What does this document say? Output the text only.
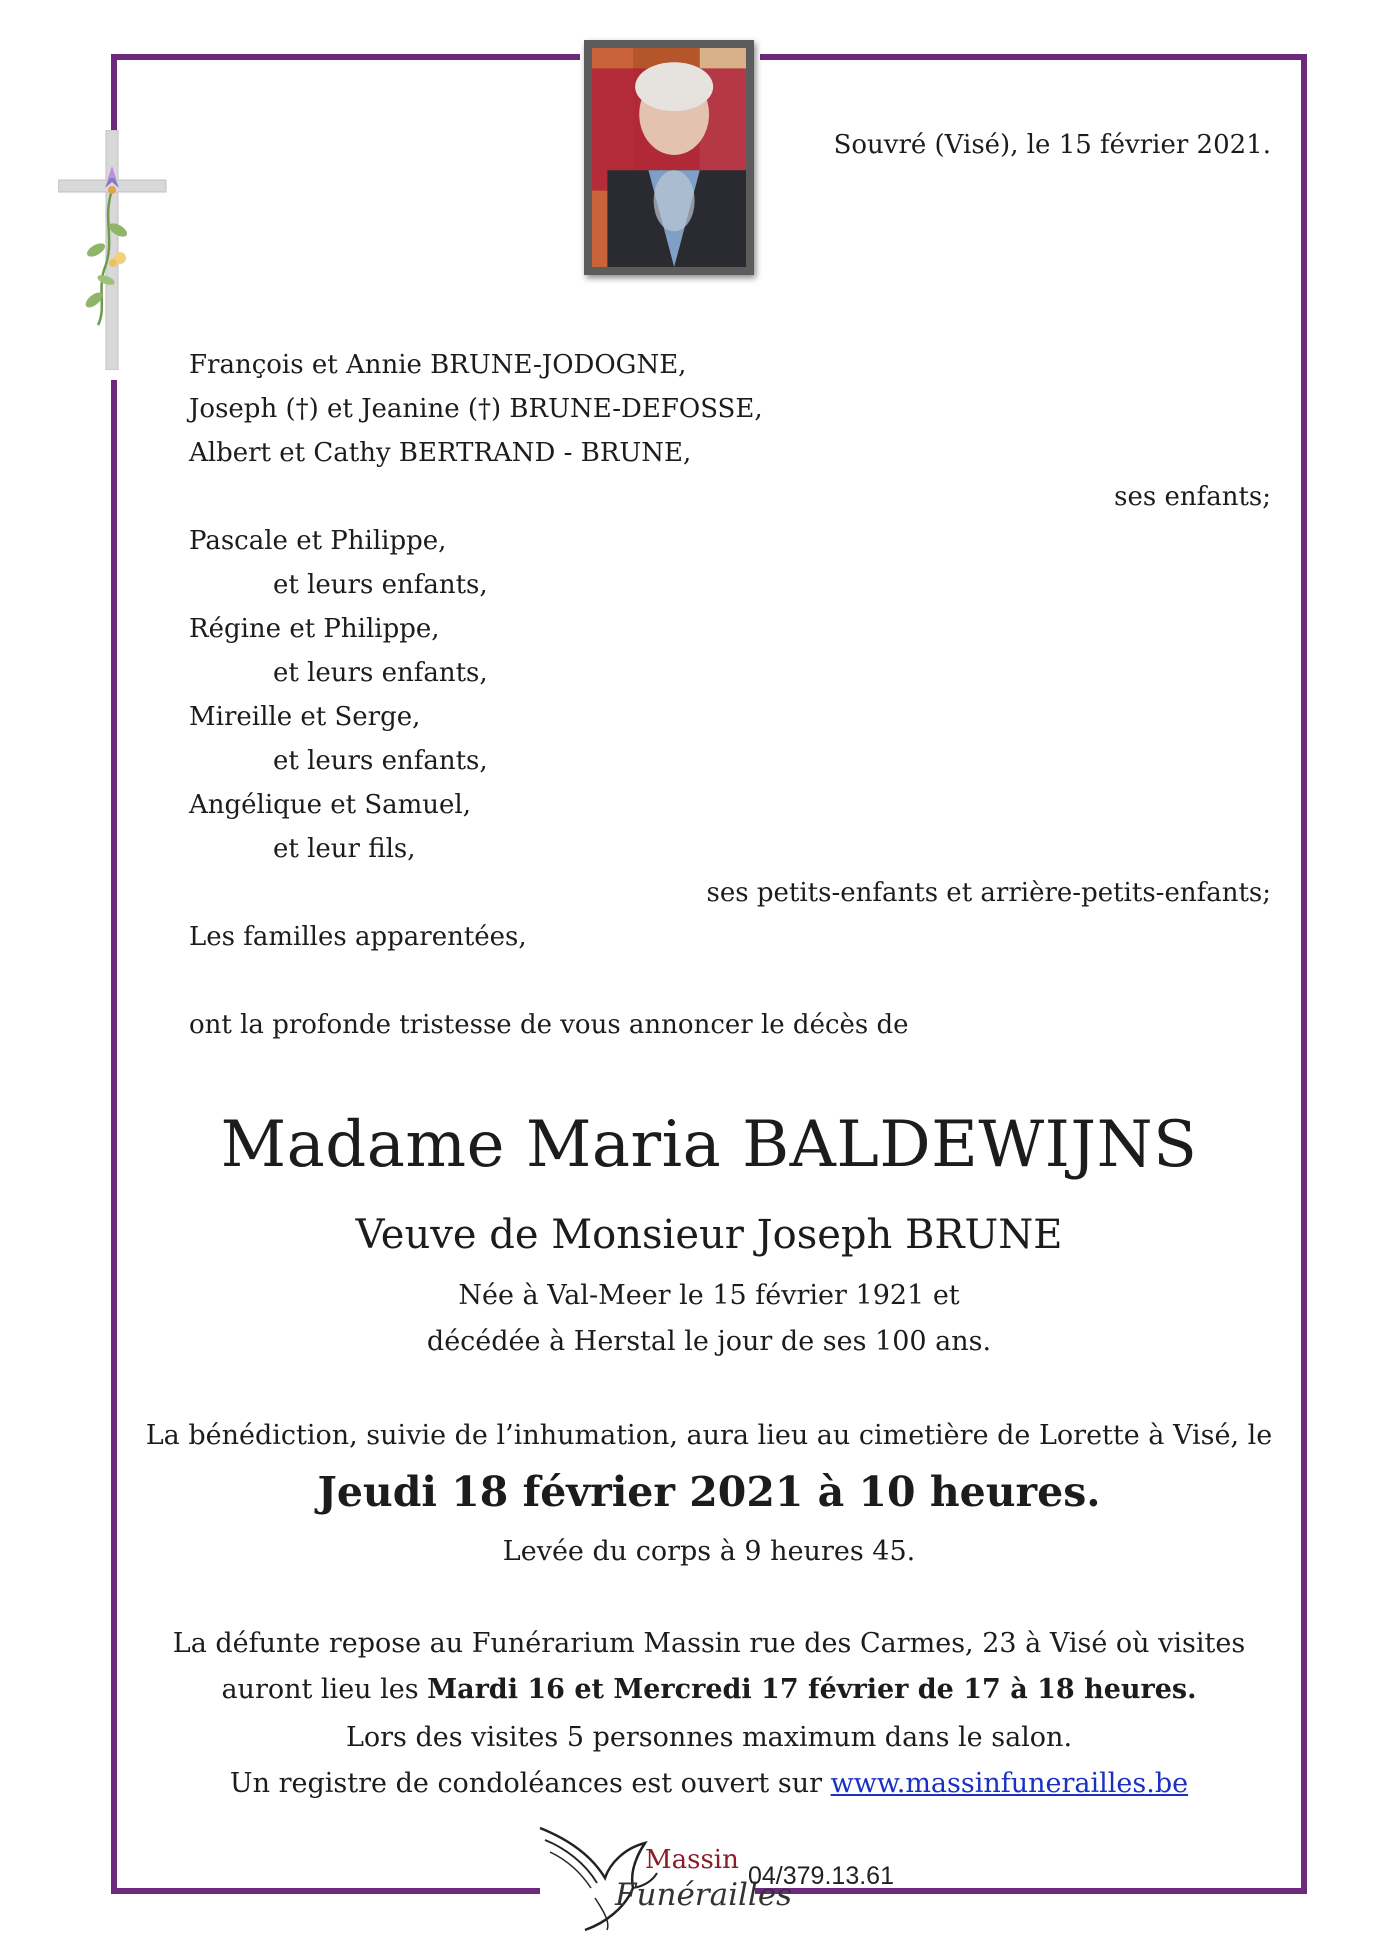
Souvré (Visé), le 15 février 2021.
François et Annie BRUNE-JODOGNE,
Joseph (†) et Jeanine (†) BRUNE-DEFOSSE,
Albert et Cathy BERTRAND - BRUNE,
ses enfants;
Pascale et Philippe,
et leurs enfants,
Régine et Philippe,
et leurs enfants,
Mireille et Serge,
et leurs enfants,
Angélique et Samuel,
et leur fils,
ses petits-enfants et arrière-petits-enfants;
Les familles apparentées,
ont la profonde tristesse de vous annoncer le décès de
Madame Maria BALDEWIJNS
Veuve de Monsieur Joseph BRUNE
Née à Val-Meer le 15 février 1921 et
décédée à Herstal le jour de ses 100 ans.
La bénédiction, suivie de l’inhumation, aura lieu au cimetière de Lorette à Visé, le
Jeudi 18 février 2021 à 10 heures.
Levée du corps à 9 heures 45.
La défunte repose au Funérarium Massin rue des Carmes, 23 à Visé où visites
auront lieu les Mardi 16 et Mercredi 17 février de 17 à 18 heures.
Lors des visites 5 personnes maximum dans le salon.
Un registre de condoléances est ouvert sur www.massinfunerailles.be
Massin
Funérailles
04/379.13.61
